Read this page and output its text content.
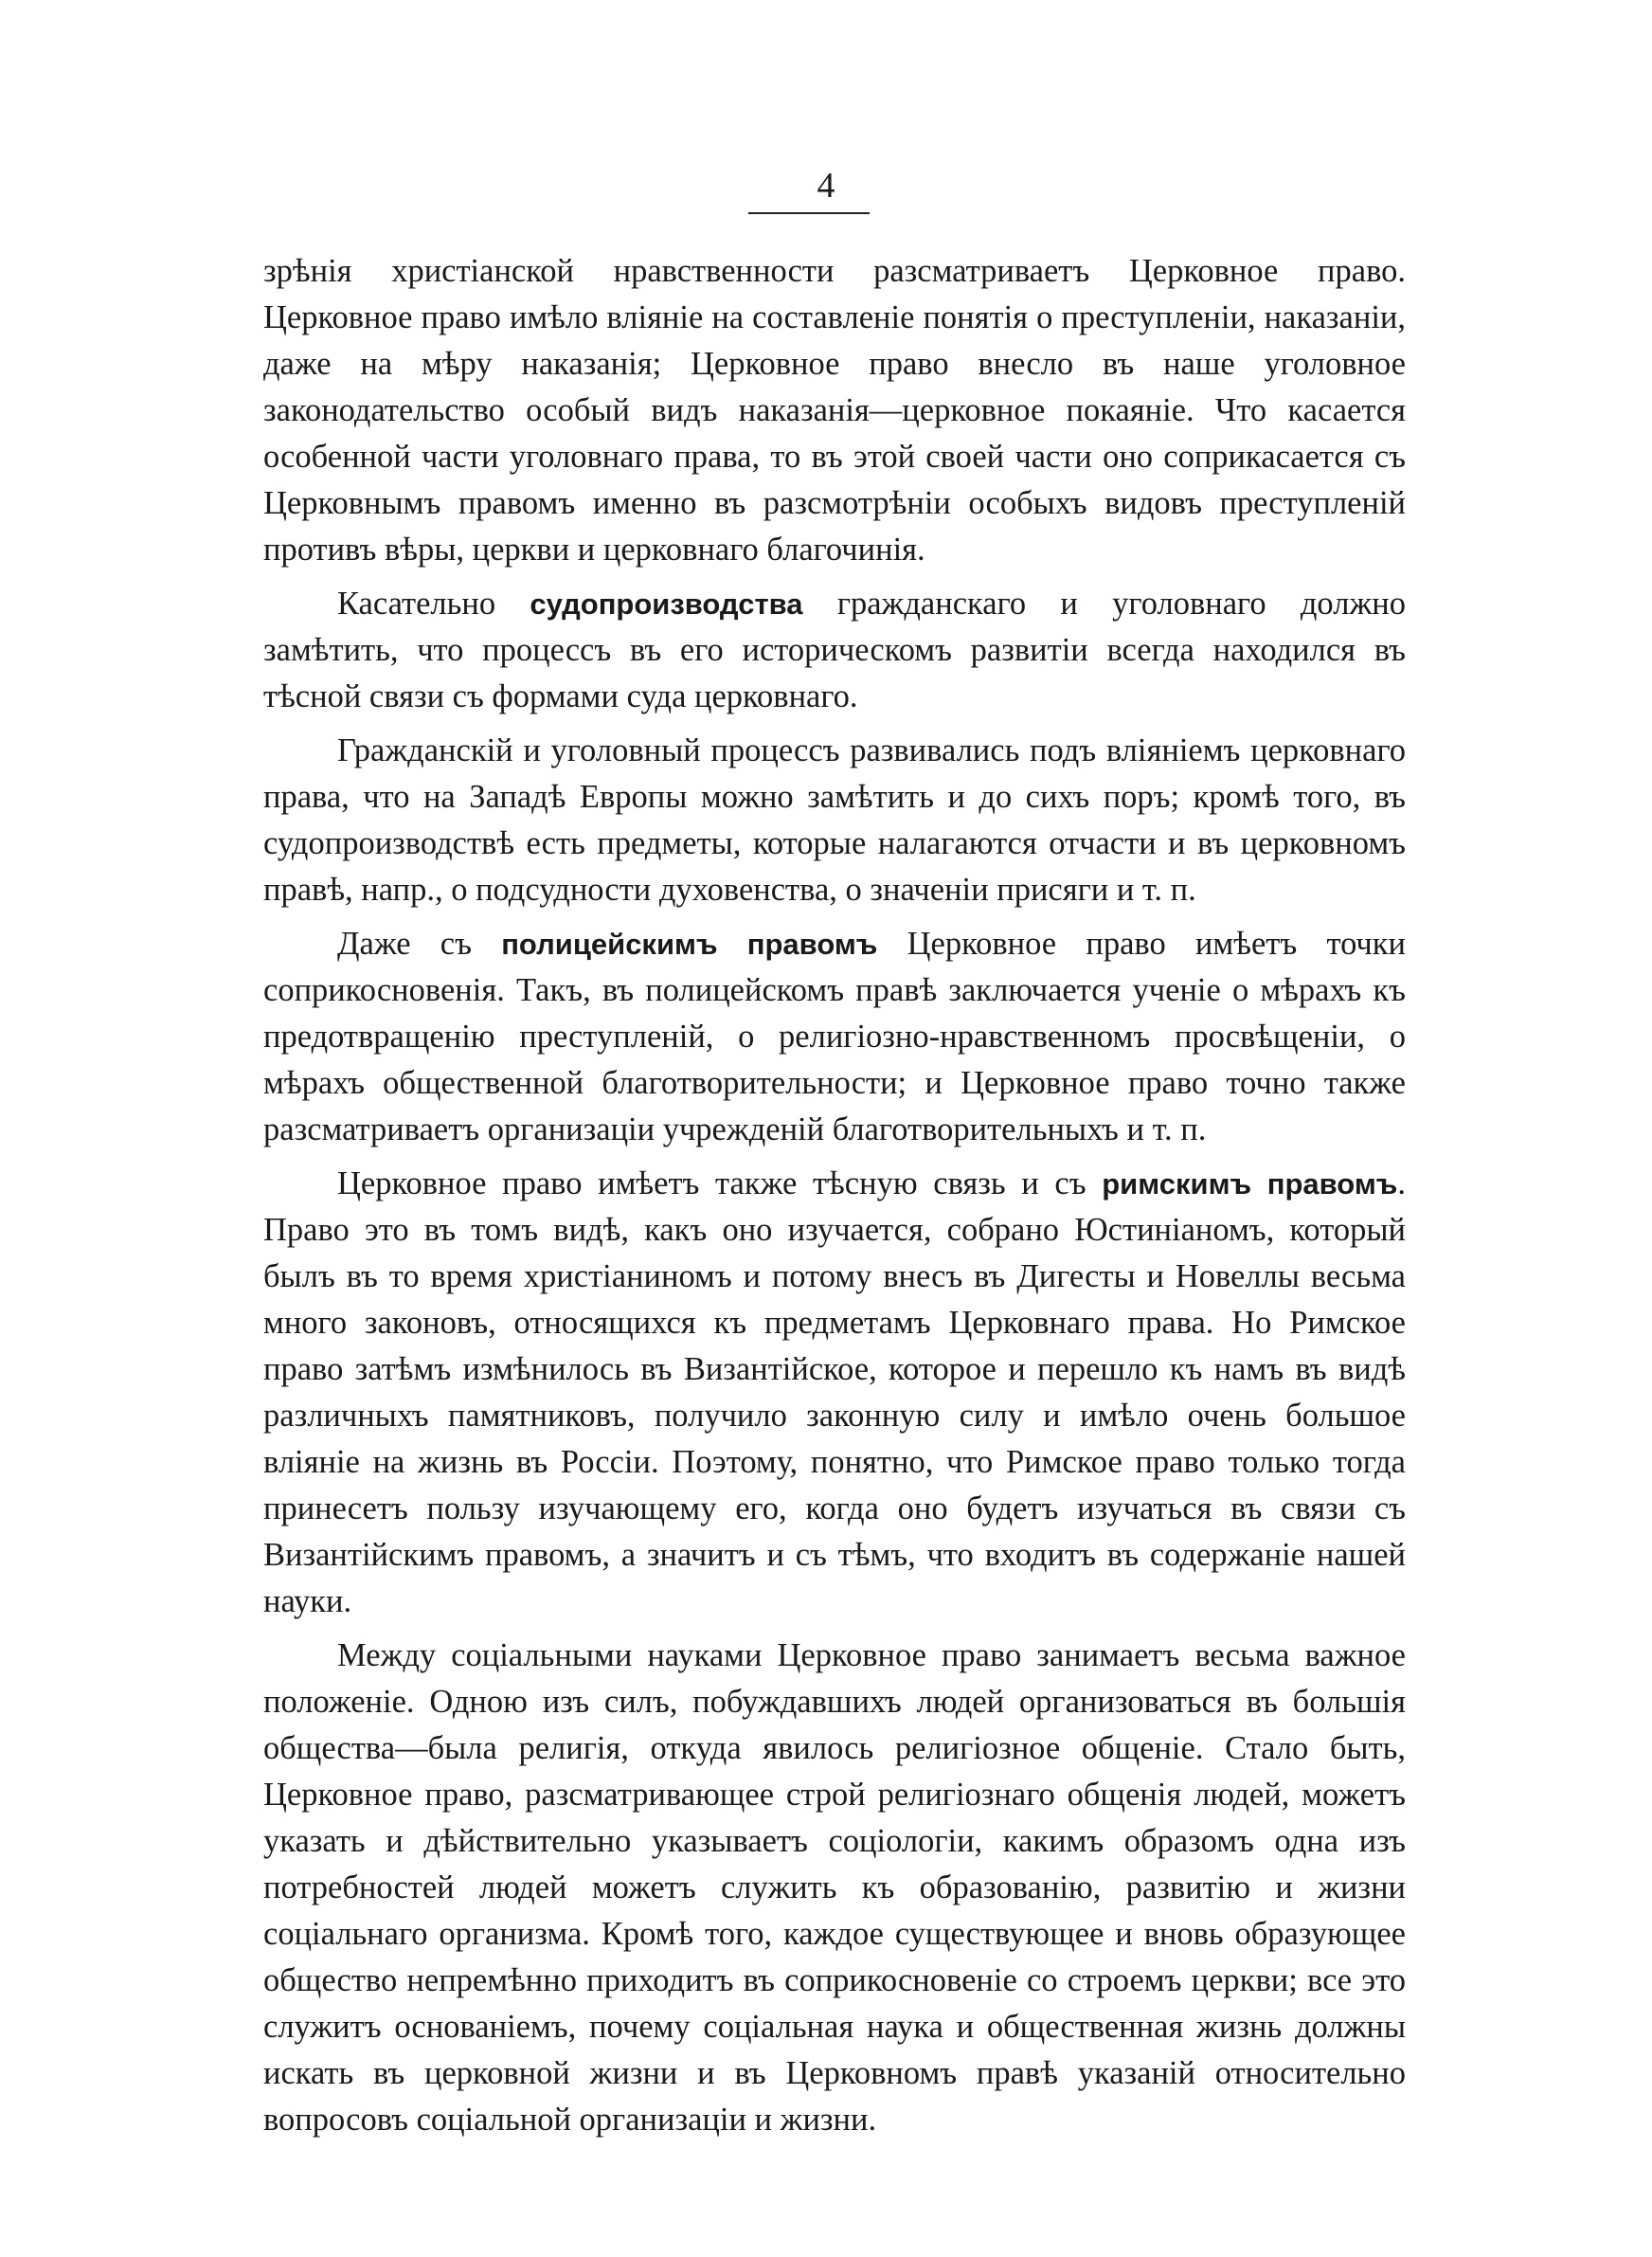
4

зрѣнія христіанской нравственности разсматриваетъ Церковное право. Церковное право имѣло вліяніе на составленіе понятія о преступленіи, наказаніи, даже на мѣру наказанія; Церковное право внесло въ наше уголовное законодательство особый видъ наказанія—церковное покаяніе. Что касается особенной части уголовнаго права, то въ этой своей части оно соприкасается съ Церковнымъ правомъ именно въ разсмотрѣніи особыхъ видовъ преступленій противъ вѣры, церкви и церковнаго благочинія.

Касательно судопроизводства гражданскаго и уголовнаго должно замѣтить, что процессъ въ его историческомъ развитіи всегда находился въ тѣсной связи съ формами суда церковнаго.

Гражданскій и уголовный процессъ развивались подъ вліяніемъ церковнаго права, что на Западѣ Европы можно замѣтить и до сихъ поръ; кромѣ того, въ судопроизводствѣ есть предметы, которые налагаются отчасти и въ церковномъ правѣ, напр., о подсудности духовенства, о значеніи присяги и т. п.

Даже съ полицейскимъ правомъ Церковное право имѣетъ точки соприкосновенія. Такъ, въ полицейскомъ правѣ заключается ученіе о мѣрахъ къ предотвращенію преступленій, о религіозно-нравственномъ просвѣщеніи, о мѣрахъ общественной благотворительности; и Церковное право точно также разсматриваетъ организаціи учрежденій благотворительныхъ и т. п.

Церковное право имѣетъ также тѣсную связь и съ римскимъ правомъ. Право это въ томъ видѣ, какъ оно изучается, собрано Юстиніаномъ, который былъ въ то время христіаниномъ и потому внесъ въ Дигесты и Новеллы весьма много законовъ, относящихся къ предметамъ Церковнаго права. Но Римское право затѣмъ измѣнилось въ Византійское, которое и перешло къ намъ въ видѣ различныхъ памятниковъ, получило законную силу и имѣло очень большое вліяніе на жизнь въ Россіи. Поэтому, понятно, что Римское право только тогда принесетъ пользу изучающему его, когда оно будетъ изучаться въ связи съ Византійскимъ правомъ, а значитъ и съ тѣмъ, что входитъ въ содержаніе нашей науки.

Между соціальными науками Церковное право занимаетъ весьма важное положеніе. Одною изъ силъ, побуждавшихъ людей организоваться въ большія общества—была религія, откуда явилось религіозное общеніе. Стало быть, Церковное право, разсматривающее строй религіознаго общенія людей, можетъ указать и дѣйствительно указываетъ соціологіи, какимъ образомъ одна изъ потребностей людей можетъ служить къ образованію, развитію и жизни соціальнаго организма. Кромѣ того, каждое существующее и вновь образующее общество непремѣнно приходитъ въ соприкосновеніе со строемъ церкви; все это служитъ основаніемъ, почему соціальная наука и общественная жизнь должны искать въ церковной жизни и въ Церковномъ правѣ указаній относительно вопросовъ соціальной организаціи и жизни.
